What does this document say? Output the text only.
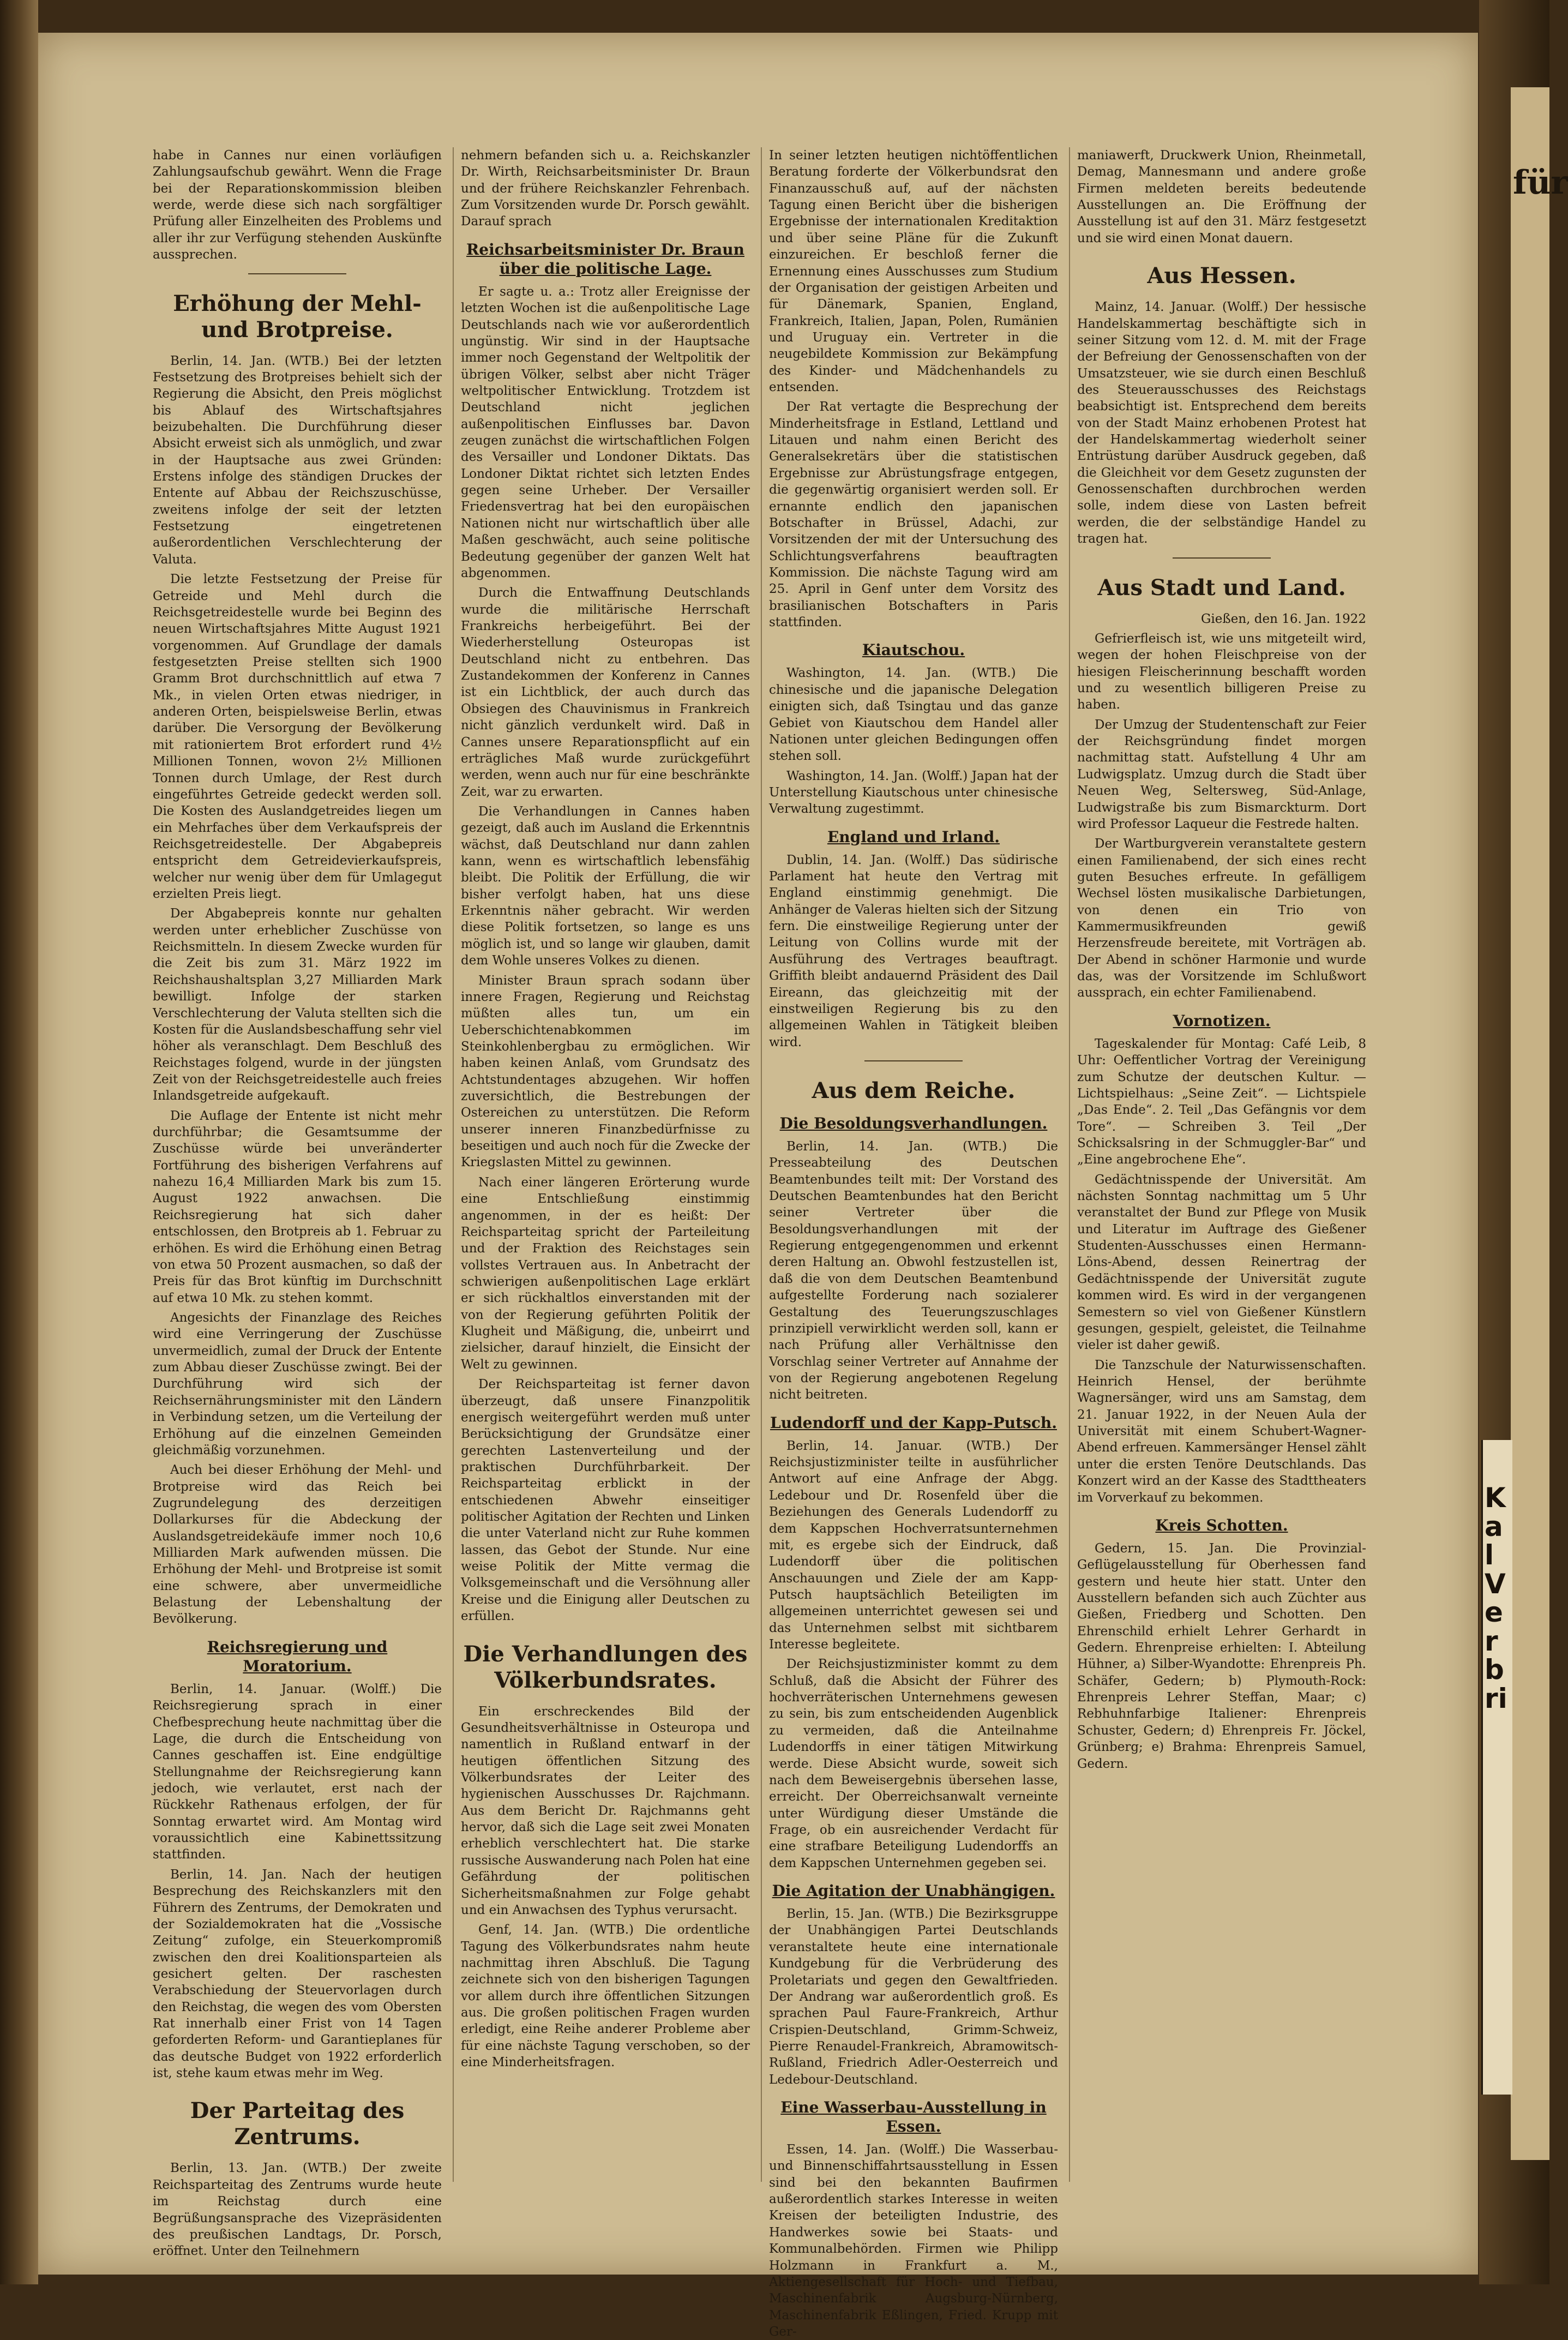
für
Kal Ver bri

habe in Cannes nur einen vorläufigen Zahlungsaufschub gewährt. Wenn die Frage bei der Reparationskommission bleiben werde, werde diese sich nach sorgfältiger Prüfung aller Einzelheiten des Problems und aller ihr zur Verfügung stehenden Auskünfte aussprechen.

Erhöhung der Mehl- und Brotpreise.

Berlin, 14. Jan. (WTB.) Bei der letzten Festsetzung des Brotpreises behielt sich der Regierung die Absicht, den Preis möglichst bis Ablauf des Wirtschaftsjahres beizubehalten. Die Durchführung dieser Absicht erweist sich als unmöglich, und zwar in der Hauptsache aus zwei Gründen: Erstens infolge des ständigen Druckes der Entente auf Abbau der Reichszuschüsse, zweitens infolge der seit der letzten Festsetzung eingetretenen außerordentlichen Verschlechterung der Valuta.

Die letzte Festsetzung der Preise für Getreide und Mehl durch die Reichsgetreidestelle wurde bei Beginn des neuen Wirtschaftsjahres Mitte August 1921 vorgenommen. Auf Grundlage der damals festgesetzten Preise stellten sich 1900 Gramm Brot durchschnittlich auf etwa 7 Mk., in vielen Orten etwas niedriger, in anderen Orten, beispielsweise Berlin, etwas darüber. Die Versorgung der Bevölkerung mit rationiertem Brot erfordert rund 4½ Millionen Tonnen, wovon 2½ Millionen Tonnen durch Umlage, der Rest durch eingeführtes Getreide gedeckt werden soll. Die Kosten des Auslandgetreides liegen um ein Mehrfaches über dem Verkaufspreis der Reichsgetreidestelle. Der Abgabepreis entspricht dem Getreidevierkaufspreis, welcher nur wenig über dem für Umlagegut erzielten Preis liegt.

Der Abgabepreis konnte nur gehalten werden unter erheblicher Zuschüsse von Reichsmitteln. In diesem Zwecke wurden für die Zeit bis zum 31. März 1922 im Reichshaushaltsplan 3,27 Milliarden Mark bewilligt. Infolge der starken Verschlechterung der Valuta stellten sich die Kosten für die Auslandsbeschaffung sehr viel höher als veranschlagt. Dem Beschluß des Reichstages folgend, wurde in der jüngsten Zeit von der Reichsgetreidestelle auch freies Inlandsgetreide aufgekauft.

Die Auflage der Entente ist nicht mehr durchführbar; die Gesamtsumme der Zuschüsse würde bei unveränderter Fortführung des bisherigen Verfahrens auf nahezu 16,4 Milliarden Mark bis zum 15. August 1922 anwachsen. Die Reichsregierung hat sich daher entschlossen, den Brotpreis ab 1. Februar zu erhöhen. Es wird die Erhöhung einen Betrag von etwa 50 Prozent ausmachen, so daß der Preis für das Brot künftig im Durchschnitt auf etwa 10 Mk. zu stehen kommt.

Angesichts der Finanzlage des Reiches wird eine Verringerung der Zuschüsse unvermeidlich, zumal der Druck der Entente zum Abbau dieser Zuschüsse zwingt. Bei der Durchführung wird sich der Reichsernährungsminister mit den Ländern in Verbindung setzen, um die Verteilung der Erhöhung auf die einzelnen Gemeinden gleichmäßig vorzunehmen.

Auch bei dieser Erhöhung der Mehl- und Brotpreise wird das Reich bei Zugrundelegung des derzeitigen Dollarkurses für die Abdeckung der Auslandsgetreidekäufe immer noch 10,6 Milliarden Mark aufwenden müssen. Die Erhöhung der Mehl- und Brotpreise ist somit eine schwere, aber unvermeidliche Belastung der Lebenshaltung der Bevölkerung.

Reichsregierung und Moratorium.

Berlin, 14. Januar. (Wolff.) Die Reichsregierung sprach in einer Chefbesprechung heute nachmittag über die Lage, die durch die Entscheidung von Cannes geschaffen ist. Eine endgültige Stellungnahme der Reichsregierung kann jedoch, wie verlautet, erst nach der Rückkehr Rathenaus erfolgen, der für Sonntag erwartet wird. Am Montag wird voraussichtlich eine Kabinettssitzung stattfinden.

Berlin, 14. Jan. Nach der heutigen Besprechung des Reichskanzlers mit den Führern des Zentrums, der Demokraten und der Sozialdemokraten hat die „Vossische Zeitung“ zufolge, ein Steuerkompromiß zwischen den drei Koalitionsparteien als gesichert gelten. Der raschesten Verabschiedung der Steuervorlagen durch den Reichstag, die wegen des vom Obersten Rat innerhalb einer Frist von 14 Tagen geforderten Reform- und Garantieplanes für das deutsche Budget von 1922 erforderlich ist, stehe kaum etwas mehr im Weg.

Der Parteitag des Zentrums.

Berlin, 13. Jan. (WTB.) Der zweite Reichsparteitag des Zentrums wurde heute im Reichstag durch eine Begrüßungsansprache des Vizepräsidenten des preußischen Landtags, Dr. Porsch, eröffnet. Unter den Teilnehmern

nehmern befanden sich u. a. Reichskanzler Dr. Wirth, Reichsarbeitsminister Dr. Braun und der frühere Reichskanzler Fehrenbach. Zum Vorsitzenden wurde Dr. Porsch gewählt. Darauf sprach

Reichsarbeitsminister Dr. Braun über die politische Lage.

Er sagte u. a.: Trotz aller Ereignisse der letzten Wochen ist die außenpolitische Lage Deutschlands nach wie vor außerordentlich ungünstig. Wir sind in der Hauptsache immer noch Gegenstand der Weltpolitik der übrigen Völker, selbst aber nicht Träger weltpolitischer Entwicklung. Trotzdem ist Deutschland nicht jeglichen außenpolitischen Einflusses bar. Davon zeugen zunächst die wirtschaftlichen Folgen des Versailler und Londoner Diktats. Das Londoner Diktat richtet sich letzten Endes gegen seine Urheber. Der Versailler Friedensvertrag hat bei den europäischen Nationen nicht nur wirtschaftlich über alle Maßen geschwächt, auch seine politische Bedeutung gegenüber der ganzen Welt hat abgenommen.

Durch die Entwaffnung Deutschlands wurde die militärische Herrschaft Frankreichs herbeigeführt. Bei der Wiederherstellung Osteuropas ist Deutschland nicht zu entbehren. Das Zustandekommen der Konferenz in Cannes ist ein Lichtblick, der auch durch das Obsiegen des Chauvinismus in Frankreich nicht gänzlich verdunkelt wird. Daß in Cannes unsere Reparationspflicht auf ein erträgliches Maß wurde zurückgeführt werden, wenn auch nur für eine beschränkte Zeit, war zu erwarten.

Die Verhandlungen in Cannes haben gezeigt, daß auch im Ausland die Erkenntnis wächst, daß Deutschland nur dann zahlen kann, wenn es wirtschaftlich lebensfähig bleibt. Die Politik der Erfüllung, die wir bisher verfolgt haben, hat uns diese Erkenntnis näher gebracht. Wir werden diese Politik fortsetzen, so lange es uns möglich ist, und so lange wir glauben, damit dem Wohle unseres Volkes zu dienen.

Minister Braun sprach sodann über innere Fragen, Regierung und Reichstag müßten alles tun, um ein Ueberschichtenabkommen im Steinkohlenbergbau zu ermöglichen. Wir haben keinen Anlaß, vom Grundsatz des Achtstundentages abzugehen. Wir hoffen zuversichtlich, die Bestrebungen der Ostereichen zu unterstützen. Die Reform unserer inneren Finanzbedürfnisse zu beseitigen und auch noch für die Zwecke der Kriegslasten Mittel zu gewinnen.

Nach einer längeren Erörterung wurde eine Entschließung einstimmig angenommen, in der es heißt: Der Reichsparteitag spricht der Parteileitung und der Fraktion des Reichstages sein vollstes Vertrauen aus. In Anbetracht der schwierigen außenpolitischen Lage erklärt er sich rückhaltlos einverstanden mit der von der Regierung geführten Politik der Klugheit und Mäßigung, die, unbeirrt und zielsicher, darauf hinzielt, die Einsicht der Welt zu gewinnen.

Der Reichsparteitag ist ferner davon überzeugt, daß unsere Finanzpolitik energisch weitergeführt werden muß unter Berücksichtigung der Grundsätze einer gerechten Lastenverteilung und der praktischen Durchführbarkeit. Der Reichsparteitag erblickt in der entschiedenen Abwehr einseitiger politischer Agitation der Rechten und Linken die unter Vaterland nicht zur Ruhe kommen lassen, das Gebot der Stunde. Nur eine weise Politik der Mitte vermag die Volksgemeinschaft und die Versöhnung aller Kreise und die Einigung aller Deutschen zu erfüllen.

Die Verhandlungen des Völkerbundsrates.

Ein erschreckendes Bild der Gesundheitsverhältnisse in Osteuropa und namentlich in Rußland entwarf in der heutigen öffentlichen Sitzung des Völkerbundsrates der Leiter des hygienischen Ausschusses Dr. Rajchmann. Aus dem Bericht Dr. Rajchmanns geht hervor, daß sich die Lage seit zwei Monaten erheblich verschlechtert hat. Die starke russische Auswanderung nach Polen hat eine Gefährdung der politischen Sicherheitsmaßnahmen zur Folge gehabt und ein Anwachsen des Typhus verursacht.

Genf, 14. Jan. (WTB.) Die ordentliche Tagung des Völkerbundsrates nahm heute nachmittag ihren Abschluß. Die Tagung zeichnete sich von den bisherigen Tagungen vor allem durch ihre öffentlichen Sitzungen aus. Die großen politischen Fragen wurden erledigt, eine Reihe anderer Probleme aber für eine nächste Tagung verschoben, so der eine Minderheitsfragen.

In seiner letzten heutigen nichtöffentlichen Beratung forderte der Völkerbundsrat den Finanzausschuß auf, auf der nächsten Tagung einen Bericht über die bisherigen Ergebnisse der internationalen Kreditaktion und über seine Pläne für die Zukunft einzureichen. Er beschloß ferner die Ernennung eines Ausschusses zum Studium der Organisation der geistigen Arbeiten und für Dänemark, Spanien, England, Frankreich, Italien, Japan, Polen, Rumänien und Uruguay ein. Vertreter in die neugebildete Kommission zur Bekämpfung des Kinder- und Mädchenhandels zu entsenden.

Der Rat vertagte die Besprechung der Minderheitsfrage in Estland, Lettland und Litauen und nahm einen Bericht des Generalsekretärs über die statistischen Ergebnisse zur Abrüstungsfrage entgegen, die gegenwärtig organisiert werden soll. Er ernannte endlich den japanischen Botschafter in Brüssel, Adachi, zur Vorsitzenden der mit der Untersuchung des Schlichtungsverfahrens beauftragten Kommission. Die nächste Tagung wird am 25. April in Genf unter dem Vorsitz des brasilianischen Botschafters in Paris stattfinden.

Kiautschou.

Washington, 14. Jan. (WTB.) Die chinesische und die japanische Delegation einigten sich, daß Tsingtau und das ganze Gebiet von Kiautschou dem Handel aller Nationen unter gleichen Bedingungen offen stehen soll.

Washington, 14. Jan. (Wolff.) Japan hat der Unterstellung Kiautschous unter chinesische Verwaltung zugestimmt.

England und Irland.

Dublin, 14. Jan. (Wolff.) Das südirische Parlament hat heute den Vertrag mit England einstimmig genehmigt. Die Anhänger de Valeras hielten sich der Sitzung fern. Die einstweilige Regierung unter der Leitung von Collins wurde mit der Ausführung des Vertrages beauftragt. Griffith bleibt andauernd Präsident des Dail Eireann, das gleichzeitig mit der einstweiligen Regierung bis zu den allgemeinen Wahlen in Tätigkeit bleiben wird.

Aus dem Reiche.
Die Besoldungsverhandlungen.

Berlin, 14. Jan. (WTB.) Die Presseabteilung des Deutschen Beamtenbundes teilt mit: Der Vorstand des Deutschen Beamtenbundes hat den Bericht seiner Vertreter über die Besoldungsverhandlungen mit der Regierung entgegengenommen und erkennt deren Haltung an. Obwohl festzustellen ist, daß die von dem Deutschen Beamtenbund aufgestellte Forderung nach sozialerer Gestaltung des Teuerungszuschlages prinzipiell verwirklicht werden soll, kann er nach Prüfung aller Verhältnisse den Vorschlag seiner Vertreter auf Annahme der von der Regierung angebotenen Regelung nicht beitreten.

Ludendorff und der Kapp-Putsch.

Berlin, 14. Januar. (WTB.) Der Reichsjustizminister teilte in ausführlicher Antwort auf eine Anfrage der Abgg. Ledebour und Dr. Rosenfeld über die Beziehungen des Generals Ludendorff zu dem Kappschen Hochverratsunternehmen mit, es ergebe sich der Eindruck, daß Ludendorff über die politischen Anschauungen und Ziele der am Kapp-Putsch hauptsächlich Beteiligten im allgemeinen unterrichtet gewesen sei und das Unternehmen selbst mit sichtbarem Interesse begleitete.

Der Reichsjustizminister kommt zu dem Schluß, daß die Absicht der Führer des hochverräterischen Unternehmens gewesen zu sein, bis zum entscheidenden Augenblick zu vermeiden, daß die Anteilnahme Ludendorffs in einer tätigen Mitwirkung werde. Diese Absicht wurde, soweit sich nach dem Beweisergebnis übersehen lasse, erreicht. Der Oberreichsanwalt verneinte unter Würdigung dieser Umstände die Frage, ob ein ausreichender Verdacht für eine strafbare Beteiligung Ludendorffs an dem Kappschen Unternehmen gegeben sei.

Die Agitation der Unabhängigen.

Berlin, 15. Jan. (WTB.) Die Bezirksgruppe der Unabhängigen Partei Deutschlands veranstaltete heute eine internationale Kundgebung für die Verbrüderung des Proletariats und gegen den Gewaltfrieden. Der Andrang war außerordentlich groß. Es sprachen Paul Faure-Frankreich, Arthur Crispien-Deutschland, Grimm-Schweiz, Pierre Renaudel-Frankreich, Abramowitsch-Rußland, Friedrich Adler-Oesterreich und Ledebour-Deutschland.

Eine Wasserbau-Ausstellung in Essen.

Essen, 14. Jan. (Wolff.) Die Wasserbau- und Binnenschiffahrtsausstellung in Essen sind bei den bekannten Baufirmen außerordentlich starkes Interesse in weiten Kreisen der beteiligten Industrie, des Handwerkes sowie bei Staats- und Kommunalbehörden. Firmen wie Philipp Holzmann in Frankfurt a. M., Aktiengesellschaft für Hoch- und Tiefbau, Maschinenfabrik Augsburg-Nürnberg, Maschinenfabrik Eßlingen, Fried. Krupp mit Ger-

maniawerft, Druckwerk Union, Rheinmetall, Demag, Mannesmann und andere große Firmen meldeten bereits bedeutende Ausstellungen an. Die Eröffnung der Ausstellung ist auf den 31. März festgesetzt und sie wird einen Monat dauern.

Aus Hessen.

Mainz, 14. Januar. (Wolff.) Der hessische Handelskammertag beschäftigte sich in seiner Sitzung vom 12. d. M. mit der Frage der Befreiung der Genossenschaften von der Umsatzsteuer, wie sie durch einen Beschluß des Steuerausschusses des Reichstags beabsichtigt ist. Entsprechend dem bereits von der Stadt Mainz erhobenen Protest hat der Handelskammertag wiederholt seiner Entrüstung darüber Ausdruck gegeben, daß die Gleichheit vor dem Gesetz zugunsten der Genossenschaften durchbrochen werden solle, indem diese von Lasten befreit werden, die der selbständige Handel zu tragen hat.

Aus Stadt und Land.

Gießen, den 16. Jan. 1922

Gefrierfleisch ist, wie uns mitgeteilt wird, wegen der hohen Fleischpreise von der hiesigen Fleischerinnung beschafft worden und zu wesentlich billigeren Preise zu haben.

Der Umzug der Studentenschaft zur Feier der Reichsgründung findet morgen nachmittag statt. Aufstellung 4 Uhr am Ludwigsplatz. Umzug durch die Stadt über Neuen Weg, Seltersweg, Süd-Anlage, Ludwigstraße bis zum Bismarckturm. Dort wird Professor Laqueur die Festrede halten.

Der Wartburgverein veranstaltete gestern einen Familienabend, der sich eines recht guten Besuches erfreute. In gefälligem Wechsel lösten musikalische Darbietungen, von denen ein Trio von Kammermusikfreunden gewiß Herzensfreude bereitete, mit Vorträgen ab. Der Abend in schöner Harmonie und wurde das, was der Vorsitzende im Schlußwort aussprach, ein echter Familienabend.

Vornotizen.

Tageskalender für Montag: Café Leib, 8 Uhr: Oeffentlicher Vortrag der Vereinigung zum Schutze der deutschen Kultur. — Lichtspielhaus: „Seine Zeit“. — Lichtspiele „Das Ende“. 2. Teil „Das Gefängnis vor dem Tore“. — Schreiben 3. Teil „Der Schicksalsring in der Schmuggler-Bar“ und „Eine angebrochene Ehe“.

Gedächtnisspende der Universität. Am nächsten Sonntag nachmittag um 5 Uhr veranstaltet der Bund zur Pflege von Musik und Literatur im Auftrage des Gießener Studenten-Ausschusses einen Hermann-Löns-Abend, dessen Reinertrag der Gedächtnisspende der Universität zugute kommen wird. Es wird in der vergangenen Semestern so viel von Gießener Künstlern gesungen, gespielt, geleistet, die Teilnahme vieler ist daher gewiß.

Die Tanzschule der Naturwissenschaften. Heinrich Hensel, der berühmte Wagnersänger, wird uns am Samstag, dem 21. Januar 1922, in der Neuen Aula der Universität mit einem Schubert-Wagner-Abend erfreuen. Kammersänger Hensel zählt unter die ersten Tenöre Deutschlands. Das Konzert wird an der Kasse des Stadttheaters im Vorverkauf zu bekommen.

Kreis Schotten.

Gedern, 15. Jan. Die Provinzial-Geflügelausstellung für Oberhessen fand gestern und heute hier statt. Unter den Ausstellern befanden sich auch Züchter aus Gießen, Friedberg und Schotten. Den Ehrenschild erhielt Lehrer Gerhardt in Gedern. Ehrenpreise erhielten: I. Abteilung Hühner, a) Silber-Wyandotte: Ehrenpreis Ph. Schäfer, Gedern; b) Plymouth-Rock: Ehrenpreis Lehrer Steffan, Maar; c) Rebhuhnfarbige Italiener: Ehrenpreis Schuster, Gedern; d) Ehrenpreis Fr. Jöckel, Grünberg; e) Brahma: Ehrenpreis Samuel, Gedern.
